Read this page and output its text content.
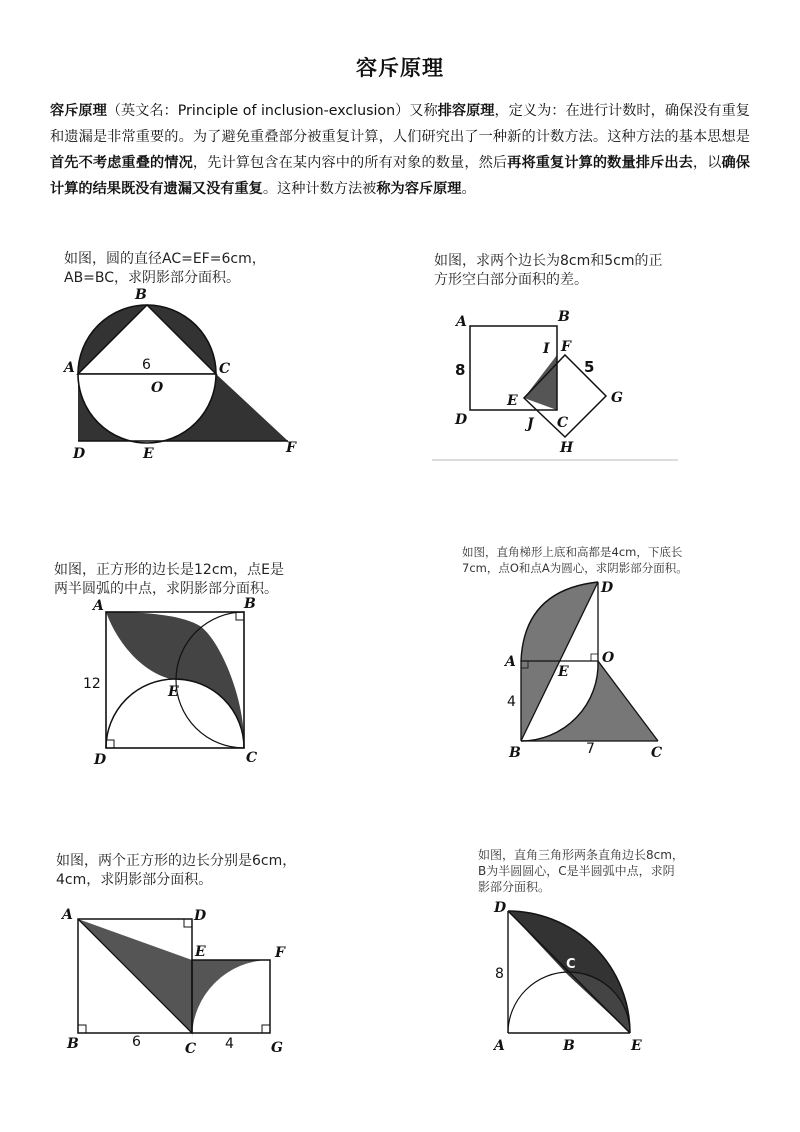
容斥原理
容斥原理（英文名：Principle of inclusion-exclusion）又称排容原理，定义为：在进行计数时，确保没有重复和遗漏是非常重要的。为了避免重叠部分被重复计算，人们研究出了一种新的计数方法。这种方法的基本思想是首先不考虑重叠的情况，先计算包含在某内容中的所有对象的数量，然后再将重复计算的数量排斥出去，以确保计算的结果既没有遗漏又没有重复。这种计数方法被称为容斥原理。
如图，圆的直径AC=EF=6cm，
AB=BC，求阴影部分面积。
B
A	C
6
O
D	E	F
如图，求两个边长为8cm和5cm的正
方形空白部分面积的差。
A	B
I F
5
8
G
E
D	J C
H
如图，正方形的边长是12cm，点E是
两半圆弧的中点，求阴影部分面积。
A	B
12	E
D	C
如图，直角梯形上底和高都是4cm，下底长
7cm，点O和点A为圆心，求阴影部分面积。
D
A
E
O
4
B	7	C
如图，两个正方形的边长分别是6cm，
4cm，求阴影部分面积。
A	D
E	F
B	6	C 4	G
如图，直角三角形两条直角边长8cm，
B为半圆圆心，C是半圆弧中点，求阴
影部分面积。
D
C
8
A	B	E
